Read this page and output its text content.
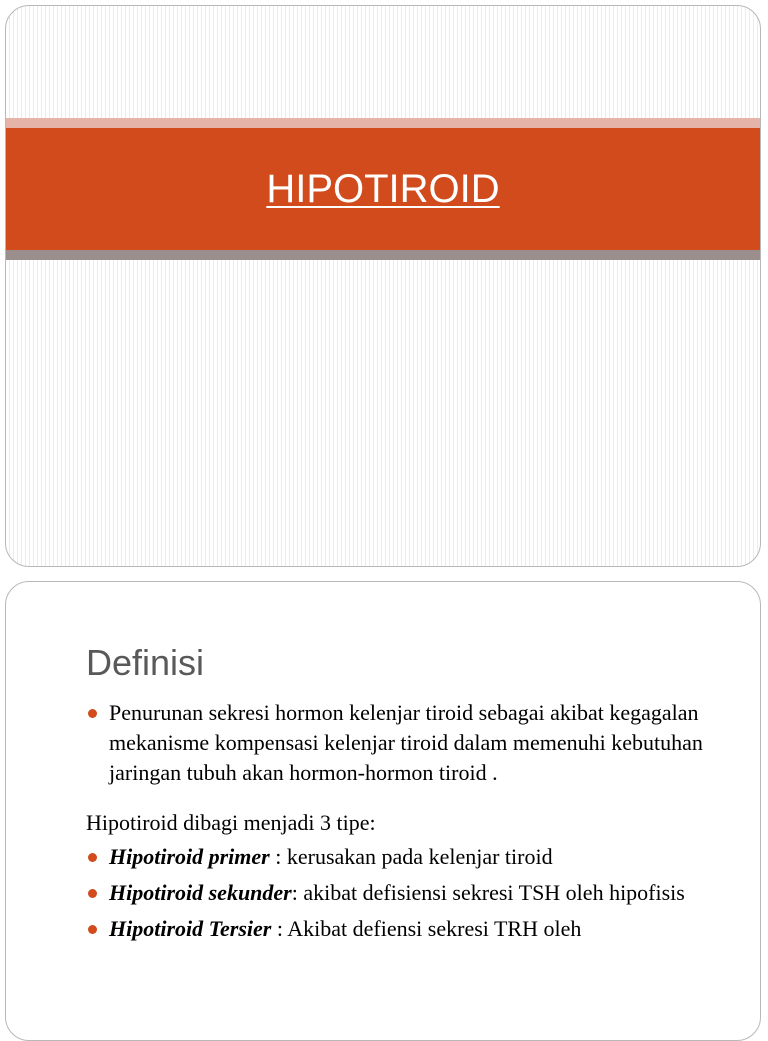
HIPOTIROID
Definisi
Penurunan sekresi hormon kelenjar tiroid sebagai akibat kegagalan mekanisme kompensasi kelenjar tiroid dalam memenuhi kebutuhan jaringan tubuh akan hormon-hormon tiroid .
Hipotiroid dibagi menjadi 3 tipe:
Hipotiroid primer : kerusakan pada kelenjar tiroid
Hipotiroid sekunder: akibat defisiensi sekresi TSH oleh hipofisis
Hipotiroid Tersier : Akibat defiensi sekresi TRH oleh
